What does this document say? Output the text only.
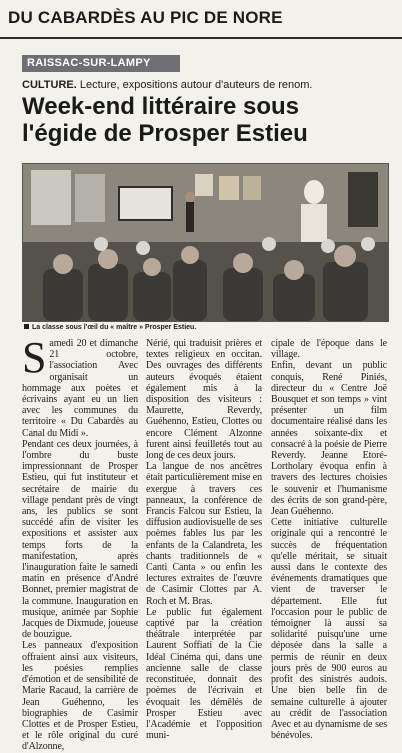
DU CABARDÈS AU PIC DE NORE
RAISSAC-SUR-LAMPY
CULTURE. Lecture, expositions autour d'auteurs de renom.
Week-end littéraire sous
l'égide de Prosper Estieu
La classe sous l'œil du « maître » Prosper Estieu.

Samedi 20 et dimanche 21 octobre, l'association Avec organisait un hommage aux poètes et écrivains ayant eu un lien avec les communes du territoire « Du Cabardès au Canal du Midi ».

Pendant ces deux journées, à l'ombre du buste impressionnant de Prosper Estieu, qui fut instituteur et secrétaire de mairie du village pendant près de vingt ans, les publics se sont succédé afin de visiter les expositions et assister aux temps forts de la manifestation, après l'inauguration faite le samedi matin en présence d'André Bonnet, premier magistrat de la commune. Inauguration en musique, animée par Sophie Jacques de Dixmude, joueuse de bouzigue.

Les panneaux d'exposition offraient ainsi aux visiteurs, les poésies remplies d'émotion et de sensibilité de Marie Racaud, la carrière de Jean Guéhenno, les biographies de Casimir Clottes et de Prosper Estieu, et le rôle original du curé d'Alzonne,

Nérié, qui traduisit prières et textes religieux en occitan. Des ouvrages des différents auteurs évoqués étaient également mis à la disposition des visiteurs : Maurette, Reverdy, Guéhenno, Estieu, Clottes ou encore Clément Alzonne furent ainsi feuilletés tout au long de ces deux jours.

La langue de nos ancêtres était particulièrement mise en exergue à travers ces panneaux, la conférence de Francis Falcou sur Estieu, la diffusion audiovisuelle de ses poèmes fables lus par les enfants de la Calandreta, les chants traditionnels de « Canti Canta » ou enfin les lectures extraites de l'œuvre de Casimir Clottes par A. Roch et M. Bras.

Le public fut également captivé par la création théâtrale interprétée par Laurent Soffiati de la Cie Idéal Cinéma qui, dans une ancienne salle de classe reconstituée, donnait des poèmes de l'écrivain et évoquait les démêlés de Prosper Estieu avec l'Académie et l'opposition muni-

cipale de l'époque dans le village.

Enfin, devant un public conquis, René Piniés, directeur du « Centre Joë Bousquet et son temps » vint présenter un film documentaire réalisé dans les années soixante-dix et consacré à la poésie de Pierre Reverdy. Jeanne Etoré-Lortholary évoqua enfin à travers des lectures choisies le souvenir et l'humanisme des écrits de son grand-père, Jean Guéhenno.

Cette initiative culturelle originale qui a rencontré le succès de fréquentation qu'elle méritait, se situait aussi dans le contexte des événements dramatiques que vient de traverser le département. Elle fut l'occasion pour le public de témoigner là aussi sa solidarité puisqu'une urne déposée dans la salle a permis de réunir en deux jours près de 900 euros au profit des sinistrés audois. Une bien belle fin de semaine culturelle à ajouter au crédit de l'association Avec et au dynamisme de ses bénévoles.
